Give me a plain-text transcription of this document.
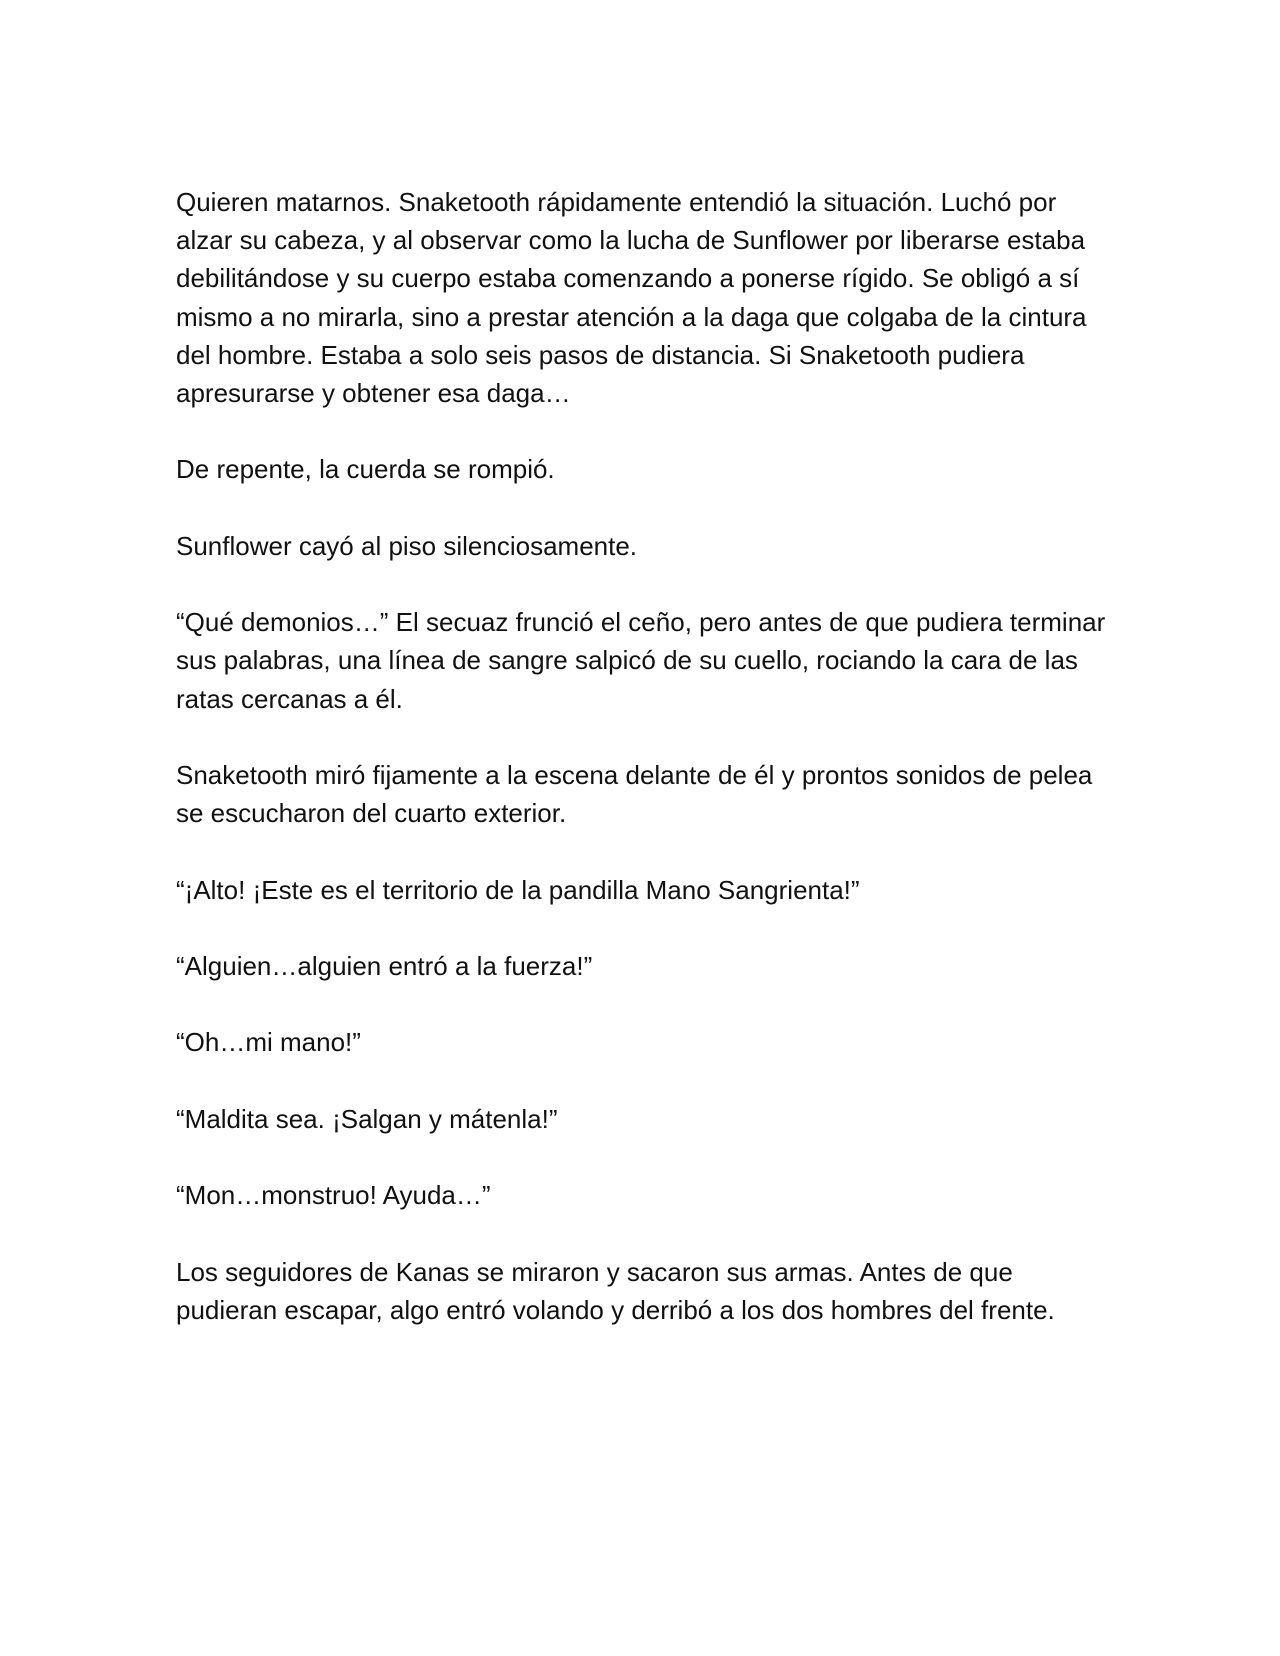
Quieren matarnos. Snaketooth rápidamente entendió la situación. Luchó por alzar su cabeza, y al observar como la lucha de Sunflower por liberarse estaba debilitándose y su cuerpo estaba comenzando a ponerse rígido. Se obligó a sí mismo a no mirarla, sino a prestar atención a la daga que colgaba de la cintura del hombre. Estaba a solo seis pasos de distancia. Si Snaketooth pudiera apresurarse y obtener esa daga…

De repente, la cuerda se rompió.

Sunflower cayó al piso silenciosamente.

“Qué demonios…” El secuaz frunció el ceño, pero antes de que pudiera terminar sus palabras, una línea de sangre salpicó de su cuello, rociando la cara de las ratas cercanas a él.

Snaketooth miró fijamente a la escena delante de él y prontos sonidos de pelea se escucharon del cuarto exterior.

“¡Alto! ¡Este es el territorio de la pandilla Mano Sangrienta!”

“Alguien…alguien entró a la fuerza!”

“Oh…mi mano!”

“Maldita sea. ¡Salgan y mátenla!”

“Mon…monstruo! Ayuda…”

Los seguidores de Kanas se miraron y sacaron sus armas. Antes de que pudieran escapar, algo entró volando y derribó a los dos hombres del frente.
